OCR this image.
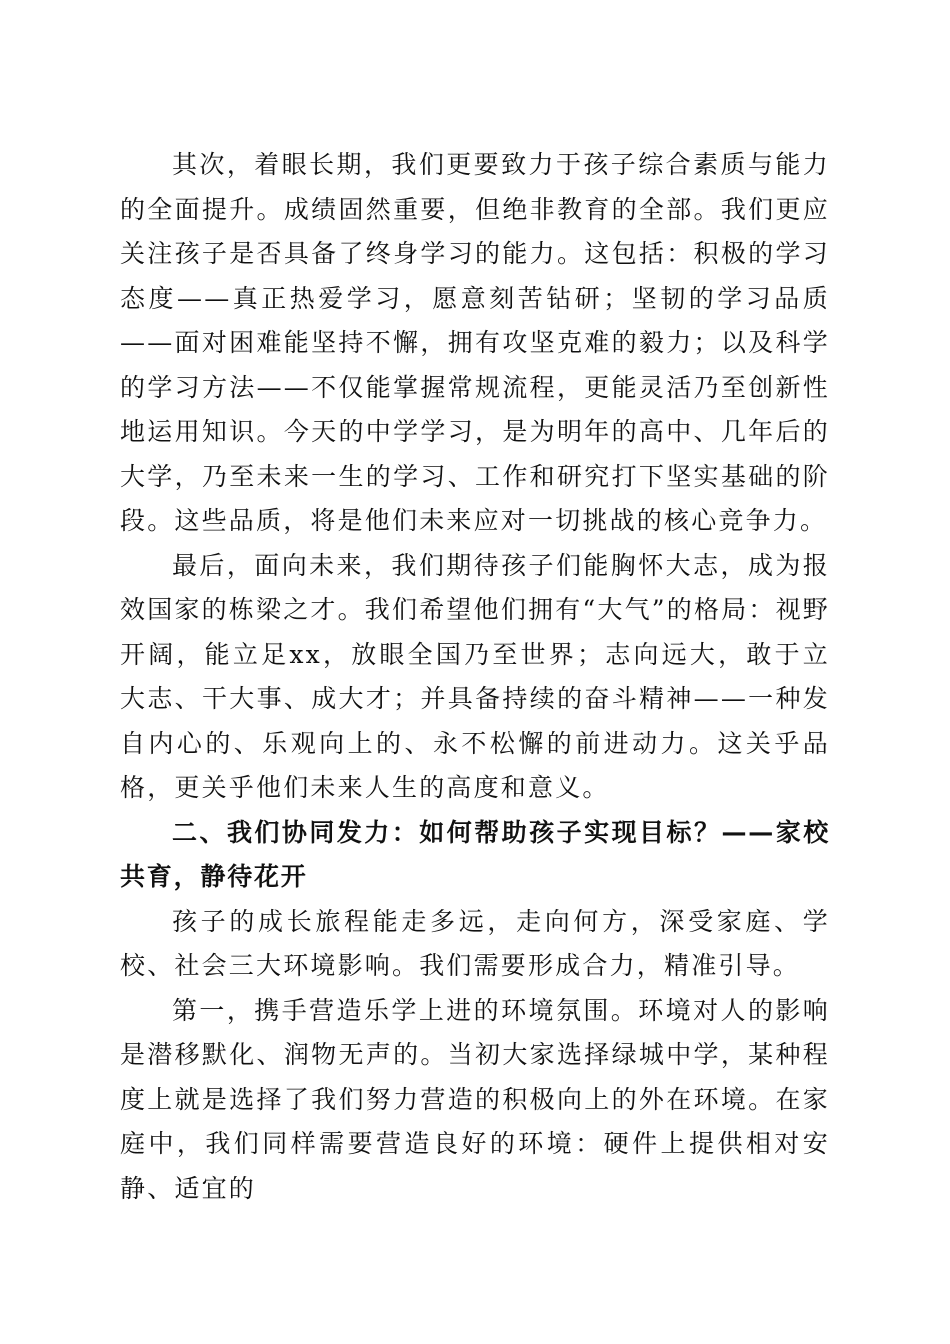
其次，着眼长期，我们更要致力于孩子综合素质与能力的全面提升。成绩固然重要，但绝非教育的全部。我们更应关注孩子是否具备了终身学习的能力。这包括：积极的学习态度——真正热爱学习，愿意刻苦钻研；坚韧的学习品质——面对困难能坚持不懈，拥有攻坚克难的毅力；以及科学的学习方法——不仅能掌握常规流程，更能灵活乃至创新性地运用知识。今天的中学学习，是为明年的高中、几年后的大学，乃至未来一生的学习、工作和研究打下坚实基础的阶段。这些品质，将是他们未来应对一切挑战的核心竞争力。

最后，面向未来，我们期待孩子们能胸怀大志，成为报效国家的栋梁之才。我们希望他们拥有“大气”的格局：视野开阔，能立足xx，放眼全国乃至世界；志向远大，敢于立大志、干大事、成大才；并具备持续的奋斗精神——一种发自内心的、乐观向上的、永不松懈的前进动力。这关乎品格，更关乎他们未来人生的高度和意义。

二、我们协同发力：如何帮助孩子实现目标？——家校共育，静待花开

孩子的成长旅程能走多远，走向何方，深受家庭、学校、社会三大环境影响。我们需要形成合力，精准引导。

第一，携手营造乐学上进的环境氛围。环境对人的影响是潜移默化、润物无声的。当初大家选择绿城中学，某种程度上就是选择了我们努力营造的积极向上的外在环境。在家庭中，我们同样需要营造良好的环境：硬件上提供相对安静、适宜的
